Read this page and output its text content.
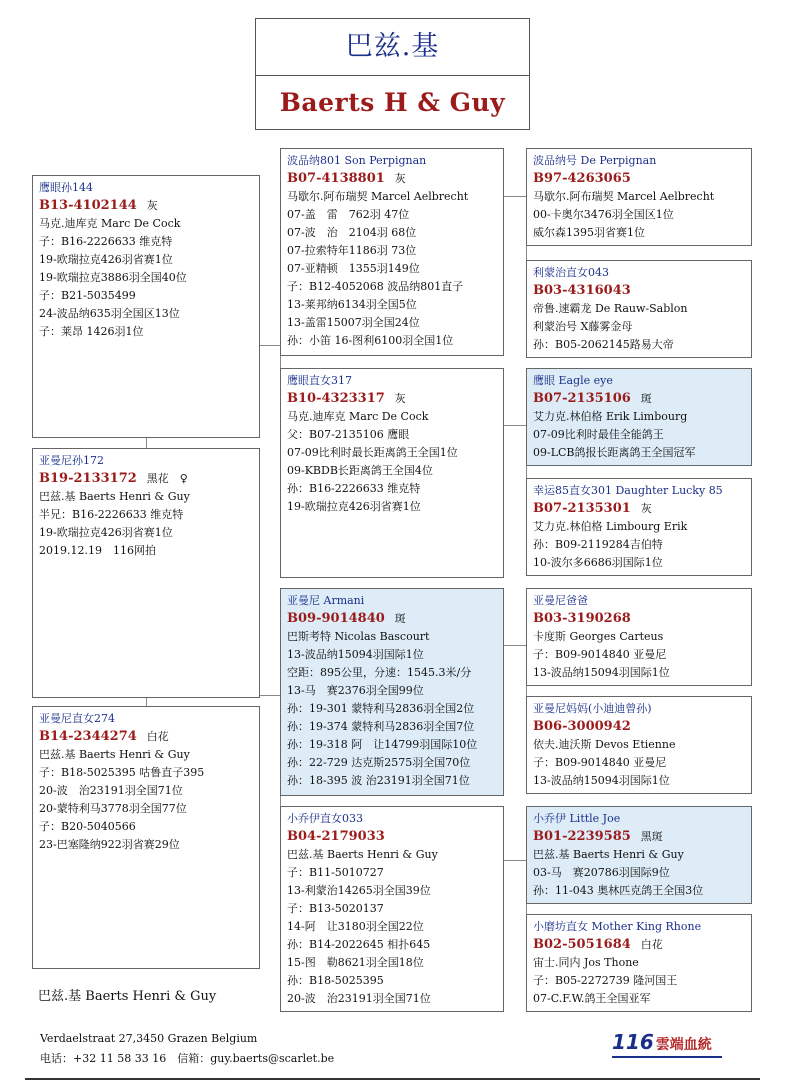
巴兹.基
Baerts H & Guy
鹰眼孙144
B13-4102144 灰
马克.迪库克 Marc De Cock
子：B16-2226633 维克特
19-欧瑞拉克426羽省赛1位
19-欧瑞拉克3886羽全国40位
子：B21-5035499
24-波品纳635羽全国区13位
子：莱昂 1426羽1位
亚曼尼孙172
B19-2133172 黑花　♀
巴兹.基 Baerts Henri & Guy
半兄：B16-2226633 维克特
19-欧瑞拉克426羽省赛1位
2019.12.19　116网拍
亚曼尼直女274
B14-2344274 白花
巴兹.基 Baerts Henri & Guy
子：B18-5025395 咕鲁直子395
20-波　治23191羽全国71位
20-蒙特利马3778羽全国77位
子：B20-5040566
23-巴塞隆纳922羽省赛29位
波品纳801 Son Perpignan
B07-4138801 灰
马歇尔.阿布瑞契 Marcel Aelbrecht
07-盖　雷　762羽 47位
07-波　治　2104羽 68位
07-拉索特年1186羽 73位
07-亚精顿　1355羽149位
子：B12-4052068 波品纳801直子
13-莱邦纳6134羽全国5位
13-盖雷15007羽全国24位
孙：小笛 16-图利6100羽全国1位
鹰眼直女317
B10-4323317 灰
马克.迪库克 Marc De Cock
父：B07-2135106 鹰眼
07-09比利时最长距离鸽王全国1位
09-KBDB长距离鸽王全国4位
孙：B16-2226633 维克特
19-欧瑞拉克426羽省赛1位
亚曼尼 Armani
B09-9014840 斑
巴斯考特 Nicolas Bascourt
13-波品纳15094羽国际1位
空距：895公里，分速：1545.3米/分
13-马　赛2376羽全国99位
孙：19-301 蒙特利马2836羽全国2位
孙：19-374 蒙特利马2836羽全国7位
孙：19-318 阿　让14799羽国际10位
孙：22-729 达克斯2575羽全国70位
孙：18-395 波 治23191羽全国71位
小乔伊直女033
B04-2179033
巴兹.基 Baerts Henri & Guy
子：B11-5010727
13-利蒙治14265羽全国39位
子：B13-5020137
14-阿　让3180羽全国22位
孙：B14-2022645 相扑645
15-图　勒8621羽全国18位
孙：B18-5025395
20-波　治23191羽全国71位
波品纳号 De Perpignan
B97-4263065
马歇尔.阿布瑞契 Marcel Aelbrecht
00-卡奥尔3476羽全国区1位
威尔森1395羽省赛1位
利蒙治直女043
B03-4316043
帝鲁.速霸龙 De Rauw-Sablon
利蒙治号 X藤雾金母
孙：B05-2062145路易大帝
鹰眼 Eagle eye
B07-2135106 斑
艾力克.林伯格 Erik Limbourg
07-09比利时最佳全能鸽王
09-LCB鸽报长距离鸽王全国冠军
幸运85直女301 Daughter Lucky 85
B07-2135301 灰
艾力克.林伯格 Limbourg Erik
孙：B09-2119284吉伯特
10-波尔多6686羽国际1位
亚曼尼爸爸
B03-3190268
卡度斯 Georges Carteus
子：B09-9014840 亚曼尼
13-波品纳15094羽国际1位
亚曼尼妈妈(小迪迪曾孙)
B06-3000942
依夫.迪沃斯 Devos Etienne
子：B09-9014840 亚曼尼
13-波品纳15094羽国际1位
小乔伊 Little Joe
B01-2239585 黑斑
巴兹.基 Baerts Henri & Guy
03-马　赛20786羽国际9位
孙：11-043 奥林匹克鸽王全国3位
小磨坊直女 Mother King Rhone
B02-5051684 白花
宙士.同内 Jos Thone
子：B05-2272739 隆河国王
07-C.F.W.鸽王全国亚军
巴兹.基 Baerts Henri & Guy
Verdaelstraat 27,3450 Grazen Belgium
电话：+32 11 58 33 16　信箱：guy.baerts@scarlet.be
116 雲端血統
